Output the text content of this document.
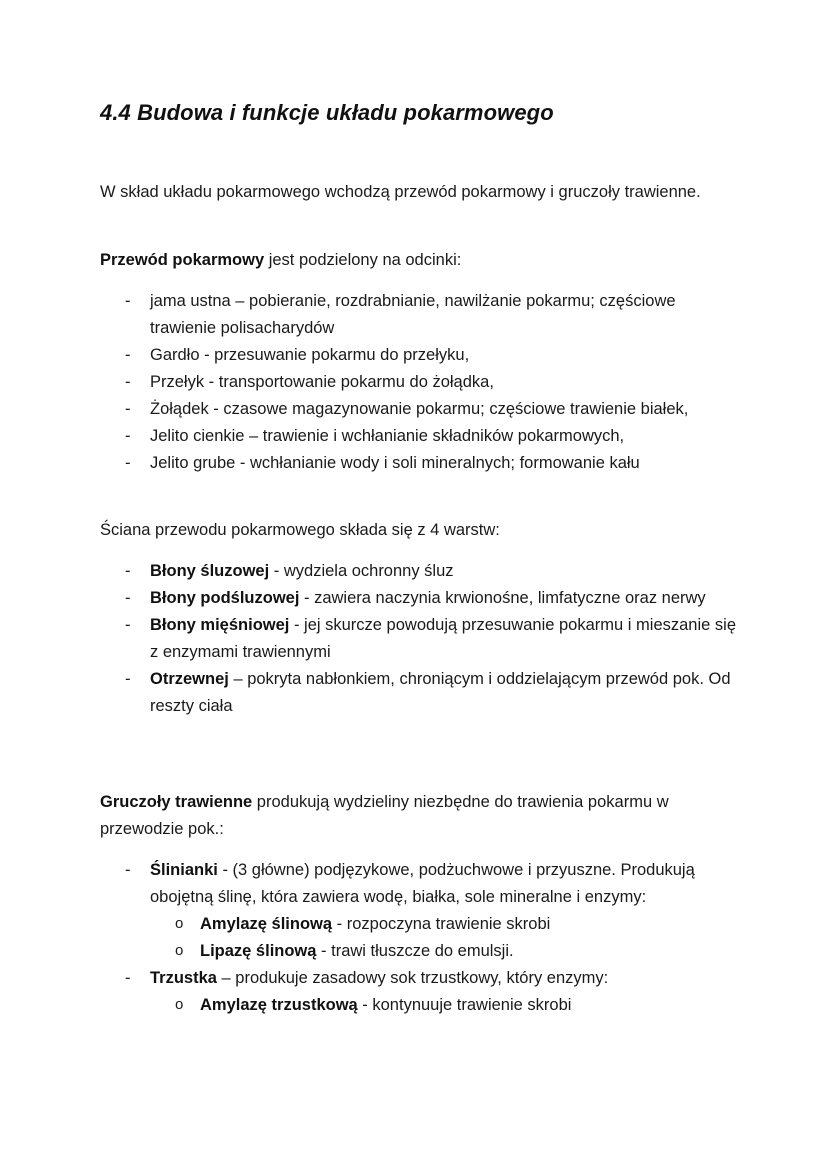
4.4 Budowa i funkcje układu pokarmowego

W skład układu pokarmowego wchodzą przewód pokarmowy i gruczoły trawienne.

Przewód pokarmowy jest podzielony na odcinki:

- jama ustna – pobieranie, rozdrabnianie, nawilżanie pokarmu; częściowe trawienie polisacharydów
- Gardło - przesuwanie pokarmu do przełyku,
- Przełyk - transportowanie pokarmu do żołądka,
- Żołądek - czasowe magazynowanie pokarmu; częściowe trawienie białek,
- Jelito cienkie – trawienie i wchłanianie składników pokarmowych,
- Jelito grube - wchłanianie wody i soli mineralnych; formowanie kału

Ściana przewodu pokarmowego składa się z 4 warstw:

- Błony śluzowej - wydziela ochronny śluz
- Błony podśluzowej - zawiera naczynia krwionośne, limfatyczne oraz nerwy
- Błony mięśniowej - jej skurcze powodują przesuwanie pokarmu i mieszanie się z enzymami trawiennymi
- Otrzewnej – pokryta nabłonkiem, chroniącym i oddzielającym przewód pok. Od reszty ciała

Gruczoły trawienne produkują wydzieliny niezbędne do trawienia pokarmu w przewodzie pok.:

- Ślinianki - (3 główne) podjęzykowe, podżuchwowe i przyuszne. Produkują obojętną ślinę, która zawiera wodę, białka, sole mineralne i enzymy:
o Amylazę ślinową - rozpoczyna trawienie skrobi
o Lipazę ślinową - trawi tłuszcze do emulsji.
- Trzustka – produkuje zasadowy sok trzustkowy, który enzymy:
o Amylazę trzustkową - kontynuuje trawienie skrobi
